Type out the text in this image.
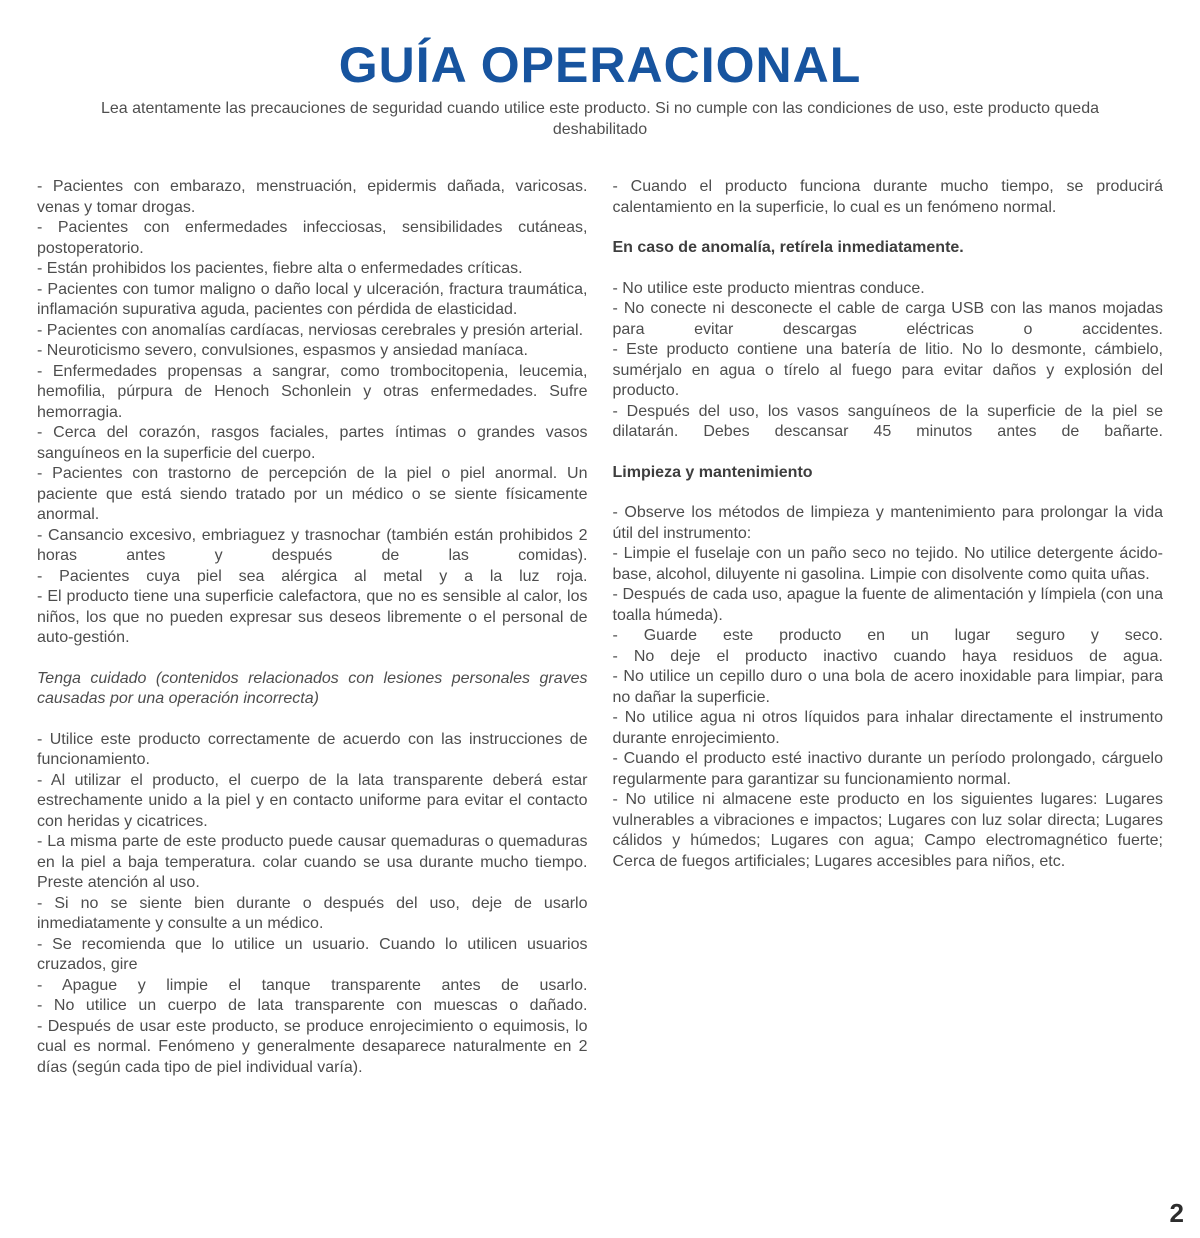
GUÍA OPERACIONAL
Lea atentamente las precauciones de seguridad cuando utilice este producto. Si no cumple con las condiciones de uso, este producto queda deshabilitado

- Pacientes con embarazo, menstruación, epidermis dañada, varicosas. venas y tomar drogas.

- Pacientes con enfermedades infecciosas, sensibilidades cutáneas, postoperatorio.

- Están prohibidos los pacientes, fiebre alta o enfermedades críticas.

- Pacientes con tumor maligno o daño local y ulceración, fractura traumática, inflamación supurativa aguda, pacientes con pérdida de elasticidad.

- Pacientes con anomalías cardíacas, nerviosas cerebrales y presión arterial.

- Neuroticismo severo, convulsiones, espasmos y ansiedad maníaca.

- Enfermedades propensas a sangrar, como trombocitopenia, leucemia, hemofilia, púrpura de Henoch Schonlein y otras enfermedades. Sufre hemorragia.

- Cerca del corazón, rasgos faciales, partes íntimas o grandes vasos sanguíneos en la superficie del cuerpo.

- Pacientes con trastorno de percepción de la piel o piel anormal. Un paciente que está siendo tratado por un médico o se siente físicamente anormal.

- Cansancio excesivo, embriaguez y trasnochar (también están prohibidos 2 horas antes y después de las comidas).

- Pacientes cuya piel sea alérgica al metal y a la luz roja.

- El producto tiene una superficie calefactora, que no es sensible al calor, los niños, los que no pueden expresar sus deseos libremente o el personal de auto-gestión.

Tenga cuidado (contenidos relacionados con lesiones personales graves causadas por una operación incorrecta)

- Utilice este producto correctamente de acuerdo con las instrucciones de funcionamiento.

- Al utilizar el producto, el cuerpo de la lata transparente deberá estar estrechamente unido a la piel y en contacto uniforme para evitar el contacto con heridas y cicatrices.

- La misma parte de este producto puede causar quemaduras o quemaduras en la piel a baja temperatura. colar cuando se usa durante mucho tiempo. Preste atención al uso.

- Si no se siente bien durante o después del uso, deje de usarlo inmediatamente y consulte a un médico.

- Se recomienda que lo utilice un usuario. Cuando lo utilicen usuarios cruzados, gire

- Apague y limpie el tanque transparente antes de usarlo.

- No utilice un cuerpo de lata transparente con muescas o dañado.

- Después de usar este producto, se produce enrojecimiento o equimosis, lo cual es normal. Fenómeno y generalmente desaparece naturalmente en 2 días (según cada tipo de piel individual varía).

- Cuando el producto funciona durante mucho tiempo, se producirá calentamiento en la superficie, lo cual es un fenómeno normal.

En caso de anomalía, retírela inmediatamente.

- No utilice este producto mientras conduce.

- No conecte ni desconecte el cable de carga USB con las manos mojadas para evitar descargas eléctricas o accidentes.

- Este producto contiene una batería de litio. No lo desmonte, cámbielo, sumérjalo en agua o tírelo al fuego para evitar daños y explosión del producto.

- Después del uso, los vasos sanguíneos de la superficie de la piel se dilatarán. Debes descansar 45 minutos antes de bañarte.

Limpieza y mantenimiento

- Observe los métodos de limpieza y mantenimiento para prolongar la vida útil del instrumento:

- Limpie el fuselaje con un paño seco no tejido. No utilice detergente ácido-base, alcohol, diluyente ni gasolina. Limpie con disolvente como quita uñas.

- Después de cada uso, apague la fuente de alimentación y límpiela (con una toalla húmeda).

- Guarde este producto en un lugar seguro y seco.

- No deje el producto inactivo cuando haya residuos de agua.

- No utilice un cepillo duro o una bola de acero inoxidable para limpiar, para no dañar la superficie.

- No utilice agua ni otros líquidos para inhalar directamente el instrumento durante enrojecimiento.

- Cuando el producto esté inactivo durante un período prolongado, cárguelo regularmente para garantizar su funcionamiento normal.

- No utilice ni almacene este producto en los siguientes lugares: Lugares vulnerables a vibraciones e impactos; Lugares con luz solar directa; Lugares cálidos y húmedos; Lugares con agua; Campo electromagnético fuerte; Cerca de fuegos artificiales; Lugares accesibles para niños, etc.

2
